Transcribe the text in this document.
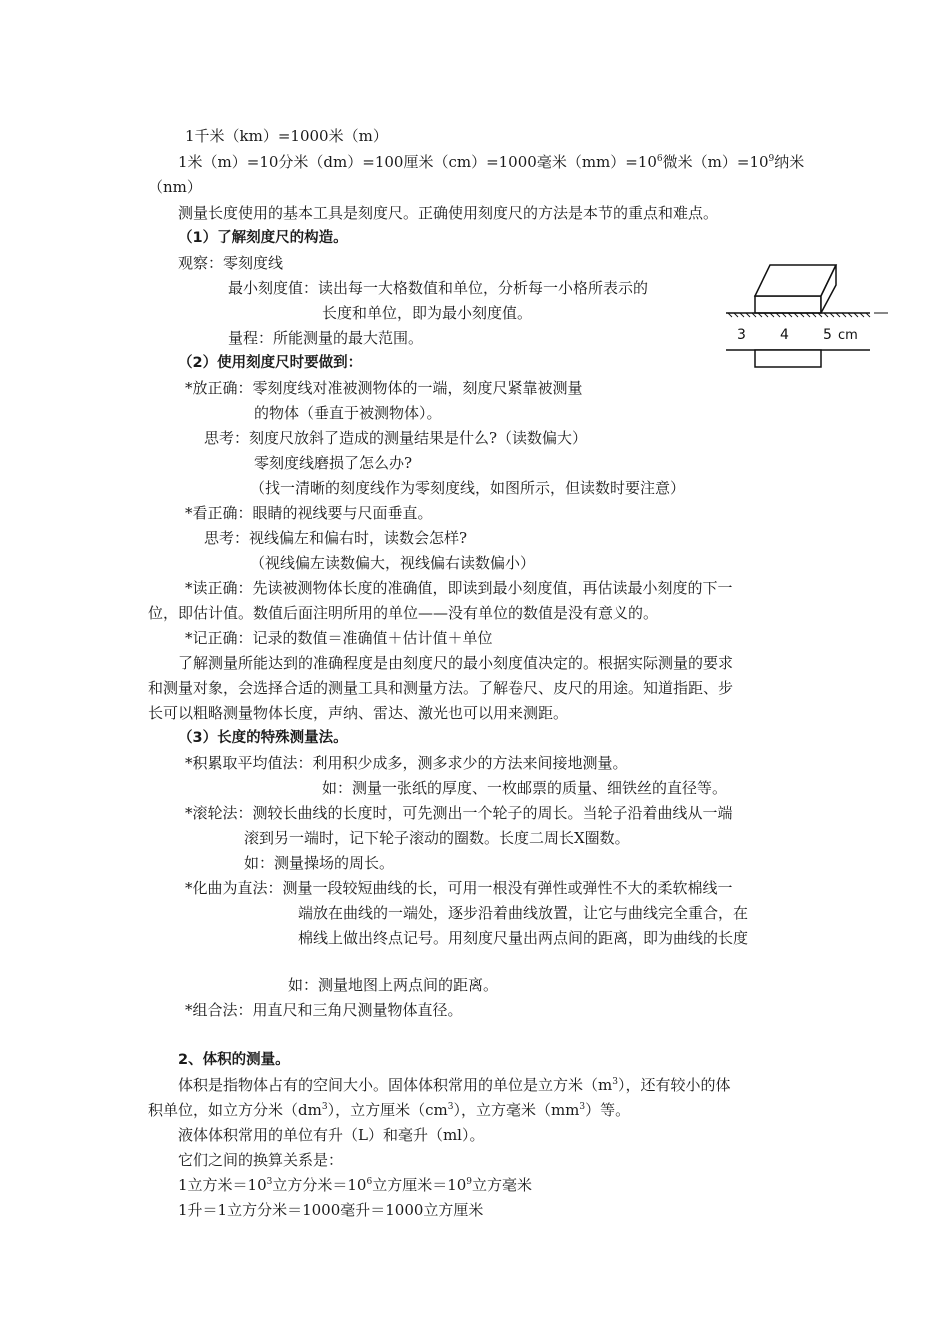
1千米（km）=1000米（m）
1米（m）=10分米（dm）=100厘米（cm）=1000毫米$(mm)=10^6$微米$(m)=10^9$纳米
（nm）
测量长度使用的基本工具是刻度尺。正确使用刻度尺的方法是本节的重点和难点。
（1）了解刻度尺的构造。
观察：零刻度线
最小刻度值：读出每一大格数值和单位，分析每一小格所表示的
长度和单位，即为最小刻度值。
量程：所能测量的最大范围。
（2）使用刻度尺时要做到：
*放正确：零刻度线对准被测物体的一端，刻度尺紧靠被测量
的物体（垂直于被测物体）。
思考：刻度尺放斜了造成的测量结果是什么?（读数偏大）
零刻度线磨损了怎么办?
（找一清晰的刻度线作为零刻度线，如图所示，但读数时要注意）
*看正确：眼睛的视线要与尺面垂直。
思考：视线偏左和偏右时，读数会怎样?
（视线偏左读数偏大，视线偏右读数偏小）
*读正确：先读被测物体长度的准确值，即读到最小刻度值，再估读最小刻度的下一
位，即估计值。数值后面注明所用的单位——没有单位的数值是没有意义的。
*记正确：记录的数值＝准确值＋估计值＋单位
了解测量所能达到的准确程度是由刻度尺的最小刻度值决定的。根据实际测量的要求
和测量对象，会选择合适的测量工具和测量方法。了解卷尺、皮尺的用途。知道指距、步
长可以粗略测量物体长度，声纳、雷达、激光也可以用来测距。
（3）长度的特殊测量法。
*积累取平均值法：利用积少成多，测多求少的方法来间接地测量。
如：测量一张纸的厚度、一枚邮票的质量、细铁丝的直径等。
*滚轮法：测较长曲线的长度时，可先测出一个轮子的周长。当轮子沿着曲线从一端
滚到另一端时，记下轮子滚动的圈数。长度二周长X圈数。
如：测量操场的周长。
*化曲为直法：测量一段较短曲线的长，可用一根没有弹性或弹性不大的柔软棉线一
端放在曲线的一端处，逐步沿着曲线放置，让它与曲线完全重合，在
棉线上做出终点记号。用刻度尺量出两点间的距离，即为曲线的长度
如：测量地图上两点间的距离。
*组合法：用直尺和三角尺测量物体直径。
2、体积的测量。
体积是指物体占有的空间大小。固体体积常用的单位是立方米$(m^3)$，还有较小的体
积单位，如立方分米$(dm^3)$，立方厘米$(cm^3)$，立方毫米$(mm^3)$等。
液体体积常用的单位有升（L）和毫升（ml）。
它们之间的换算关系是：
1立方米$=10^3$立方分米$=10^6$立方厘米$=10^9$立方毫米
1升＝1立方分米＝1000毫升＝1000立方厘米
3 4 5 cm
